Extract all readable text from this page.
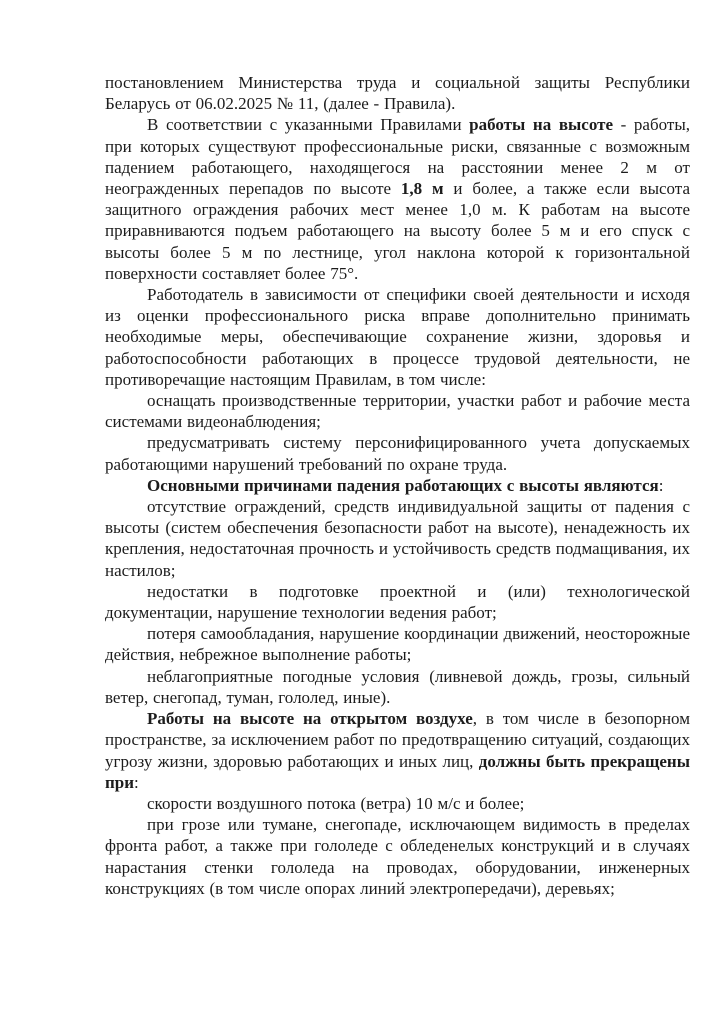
постановлением Министерства труда и социальной защиты Республики Беларусь от 06.02.2025 № 11, (далее - Правила).

В соответствии с указанными Правилами работы на высоте - работы, при которых существуют профессиональные риски, связанные с возможным падением работающего, находящегося на расстоянии менее 2 м от неогражденных перепадов по высоте 1,8 м и более, а также если высота защитного ограждения рабочих мест менее 1,0 м. К работам на высоте приравниваются подъем работающего на высоту более 5 м и его спуск с высоты более 5 м по лестнице, угол наклона которой к горизонтальной поверхности составляет более 75°.

Работодатель в зависимости от специфики своей деятельности и исходя из оценки профессионального риска вправе дополнительно принимать необходимые меры, обеспечивающие сохранение жизни, здоровья и работоспособности работающих в процессе трудовой деятельности, не противоречащие настоящим Правилам, в том числе:

оснащать производственные территории, участки работ и рабочие места системами видеонаблюдения;

предусматривать систему персонифицированного учета допускаемых работающими нарушений требований по охране труда.

Основными причинами падения работающих с высоты являются:

отсутствие ограждений, средств индивидуальной защиты от падения с высоты (систем обеспечения безопасности работ на высоте), ненадежность их крепления, недостаточная прочность и устойчивость средств подмащивания, их настилов;

недостатки в подготовке проектной и (или) технологической документации, нарушение технологии ведения работ;

потеря самообладания, нарушение координации движений, неосторожные действия, небрежное выполнение работы;

неблагоприятные погодные условия (ливневой дождь, грозы, сильный ветер, снегопад, туман, гололед, иные).

Работы на высоте на открытом воздухе, в том числе в безопорном пространстве, за исключением работ по предотвращению ситуаций, создающих угрозу жизни, здоровью работающих и иных лиц, должны быть прекращены при:

скорости воздушного потока (ветра) 10 м/с и более;

при грозе или тумане, снегопаде, исключающем видимость в пределах фронта работ, а также при гололеде с обледенелых конструкций и в случаях нарастания стенки гололеда на проводах, оборудовании, инженерных конструкциях (в том числе опорах линий электропередачи), деревьях;
